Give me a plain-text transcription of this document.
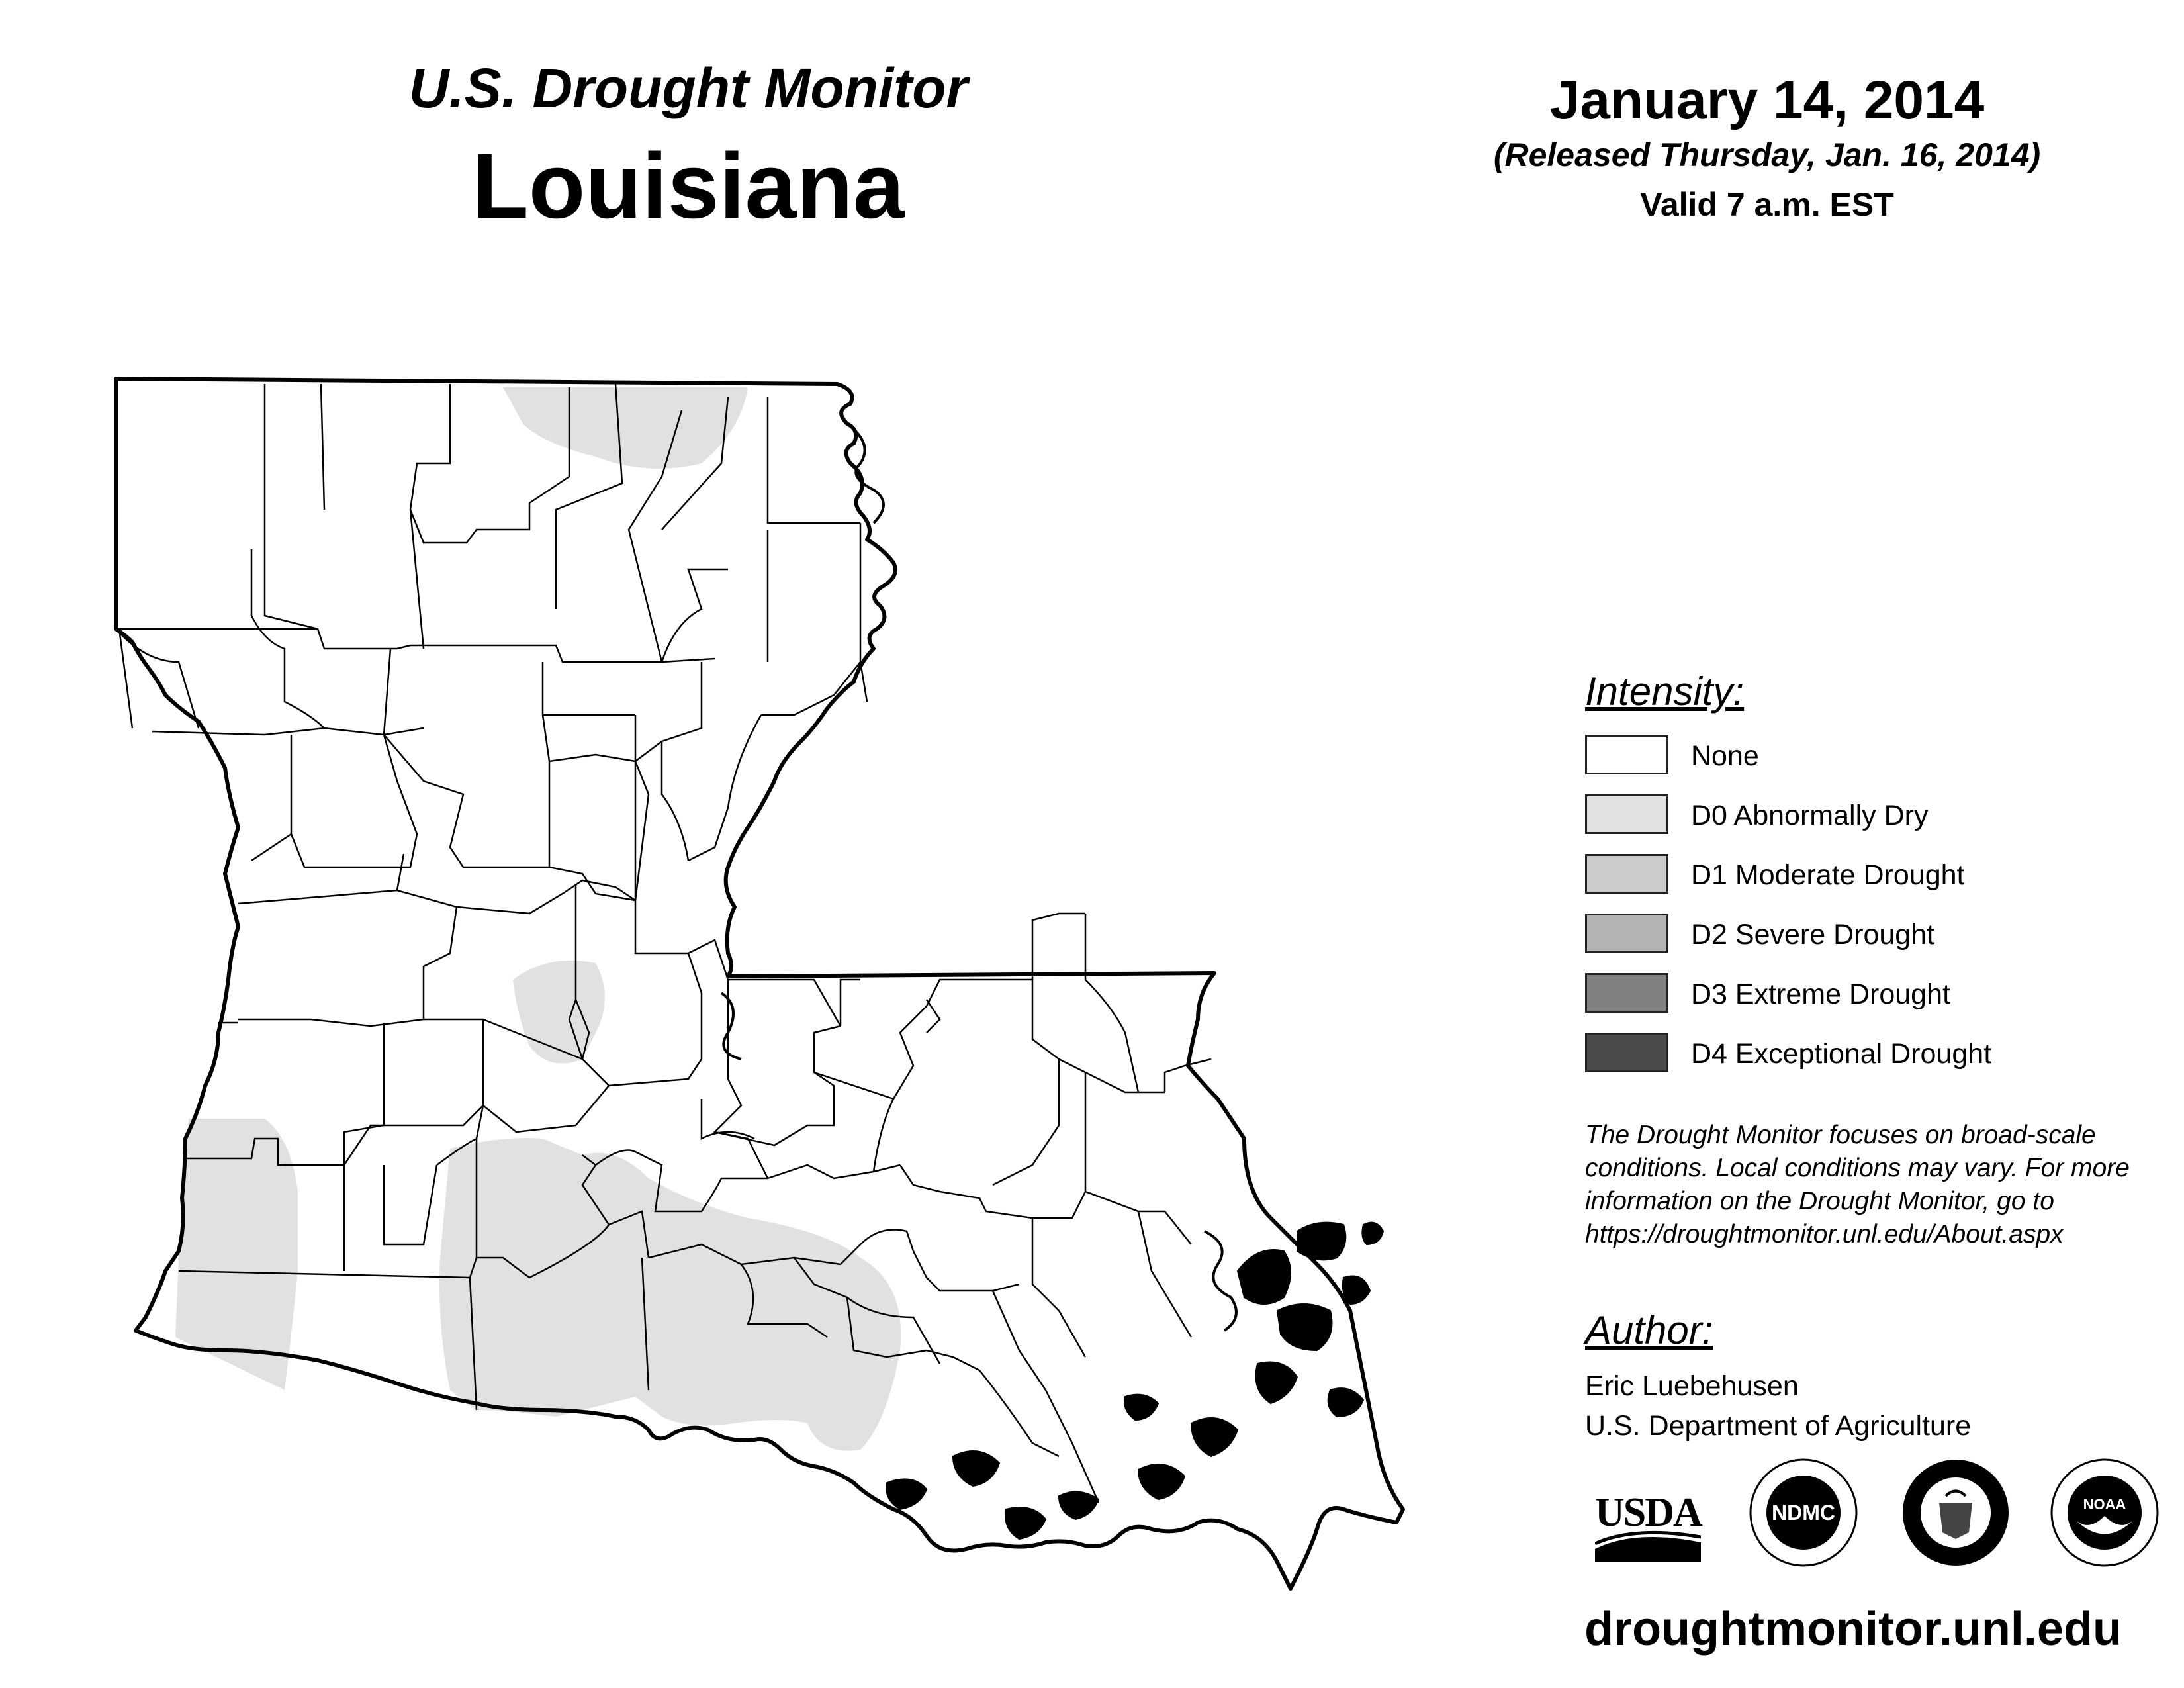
U.S. Drought Monitor
Louisiana
January 14, 2014
(Released Thursday, Jan. 16, 2014)
Valid 7 a.m. EST
Intensity:
None
D0 Abnormally Dry
D1 Moderate Drought
D2 Severe Drought
D3 Extreme Drought
D4 Exceptional Drought
The Drought Monitor focuses on broad-scale
conditions. Local conditions may vary. For more
information on the Drought Monitor, go to
https://droughtmonitor.unl.edu/About.aspx
Author:
Eric Luebehusen
U.S. Department of Agriculture
USDA	NDMC	NOAA
droughtmonitor.unl.edu
